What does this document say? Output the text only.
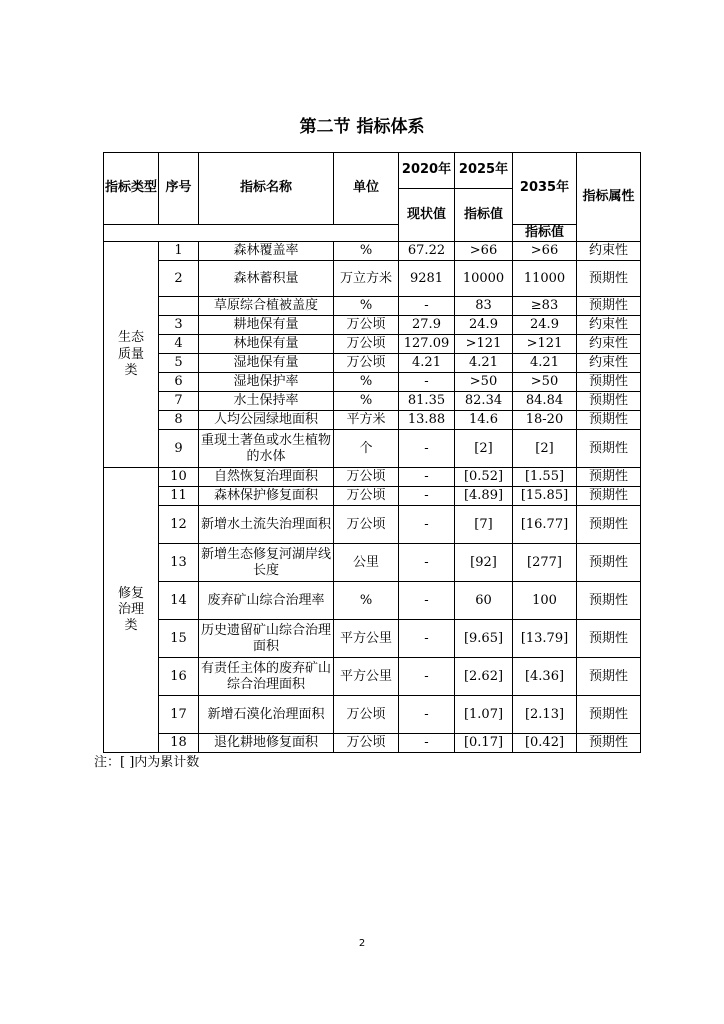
第二节 指标体系
指标类型	序号	指标名称	单位	2020年	2025年	2035年	指标属性
				现状值	指标值		
						指标值	
生态质量类	1	森林覆盖率	%	67.22	>66	>66	约束性
	2	森林蓄积量	万立方米	9281	10000	11000	预期性
		草原综合植被盖度	%	-	83	≥83	预期性
	3	耕地保有量	万公顷	27.9	24.9	24.9	约束性
	4	林地保有量	万公顷	127.09	>121	>121	约束性
	5	湿地保有量	万公顷	4.21	4.21	4.21	约束性
	6	湿地保护率	%	-	>50	>50	预期性
	7	水土保持率	%	81.35	82.34	84.84	预期性
	8	人均公园绿地面积	平方米	13.88	14.6	18-20	预期性
	9	重现土著鱼或水生植物的水体	个	-	[2]	[2]	预期性
修复治理类	10	自然恢复治理面积	万公顷	-	[0.52]	[1.55]	预期性
	11	森林保护修复面积	万公顷	-	[4.89]	[15.85]	预期性
	12	新增水土流失治理面积	万公顷	-	[7]	[16.77]	预期性
	13	新增生态修复河湖岸线长度	公里	-	[92]	[277]	预期性
	14	废弃矿山综合治理率	%	-	60	100	预期性
	15	历史遗留矿山综合治理面积	平方公里	-	[9.65]	[13.79]	预期性
	16	有责任主体的废弃矿山综合治理面积	平方公里	-	[2.62]	[4.36]	预期性
	17	新增石漠化治理面积	万公顷	-	[1.07]	[2.13]	预期性
	18	退化耕地修复面积	万公顷	-	[0.17]	[0.42]	预期性
注：[ ]内为累计数
2
